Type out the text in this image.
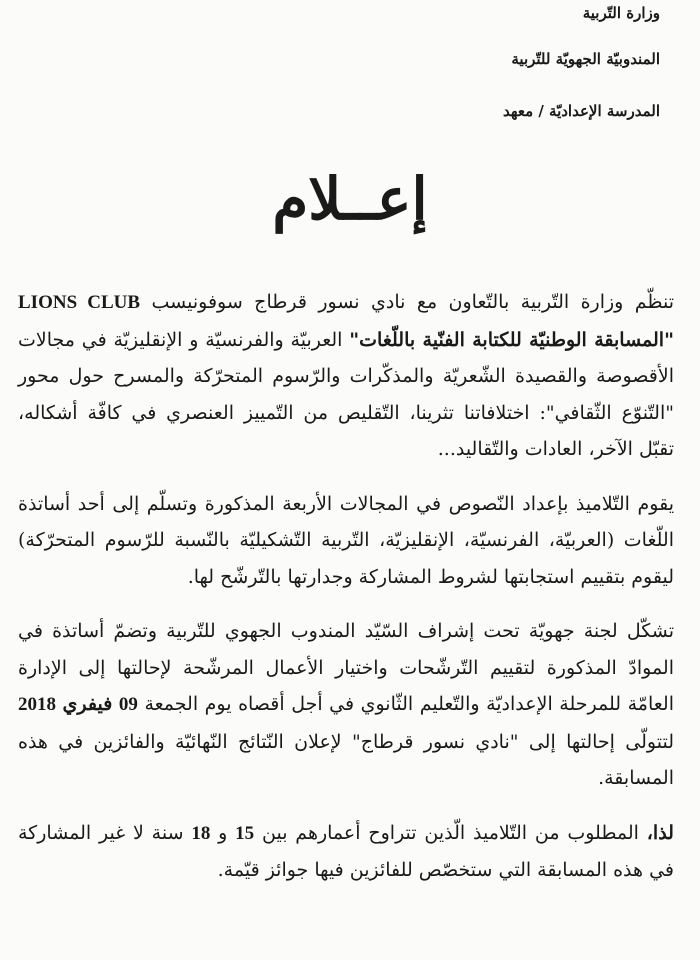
وزارة التّربية
المندوبيّة الجهويّة للتّربية
المدرسة الإعداديّة / معهد
إعــلام

تنظّم وزارة التّربية بالتّعاون مع نادي نسور قرطاج سوفونيسب LIONS CLUB "المسابقة الوطنيّة للكتابة الفنّية باللّغات" العربيّة والفرنسيّة و الإنقليزيّة في مجالات الأقصوصة والقصيدة الشّعريّة والمذكّرات والرّسوم المتحرّكة والمسرح حول محور "التّنوّع الثّقافي": اختلافاتنا تثرينا، التّقليص من التّمييز العنصري في كافّة أشكاله، تقبّل الآخر، العادات والتّقاليد...

يقوم التّلاميذ بإعداد النّصوص في المجالات الأربعة المذكورة وتسلّم إلى أحد أساتذة اللّغات (العربيّة، الفرنسيّة، الإنقليزيّة، التّربية التّشكيليّة بالنّسبة للرّسوم المتحرّكة) ليقوم بتقييم استجابتها لشروط المشاركة وجدارتها بالتّرشّح لها.

تشكّل لجنة جهويّة تحت إشراف السّيّد المندوب الجهوي للتّربية وتضمّ أساتذة في الموادّ المذكورة لتقييم التّرشّحات واختيار الأعمال المرشّحة لإحالتها إلى الإدارة العامّة للمرحلة الإعداديّة والتّعليم الثّانوي في أجل أقصاه يوم الجمعة 09 فيفري 2018 لتتولّى إحالتها إلى "نادي نسور قرطاج" لإعلان النّتائج النّهائيّة والفائزين في هذه المسابقة.

لذا، المطلوب من التّلاميذ الّذين تتراوح أعمارهم بين 15 و 18 سنة لا غير المشاركة في هذه المسابقة التي ستخصّص للفائزين فيها جوائز قيّمة.
